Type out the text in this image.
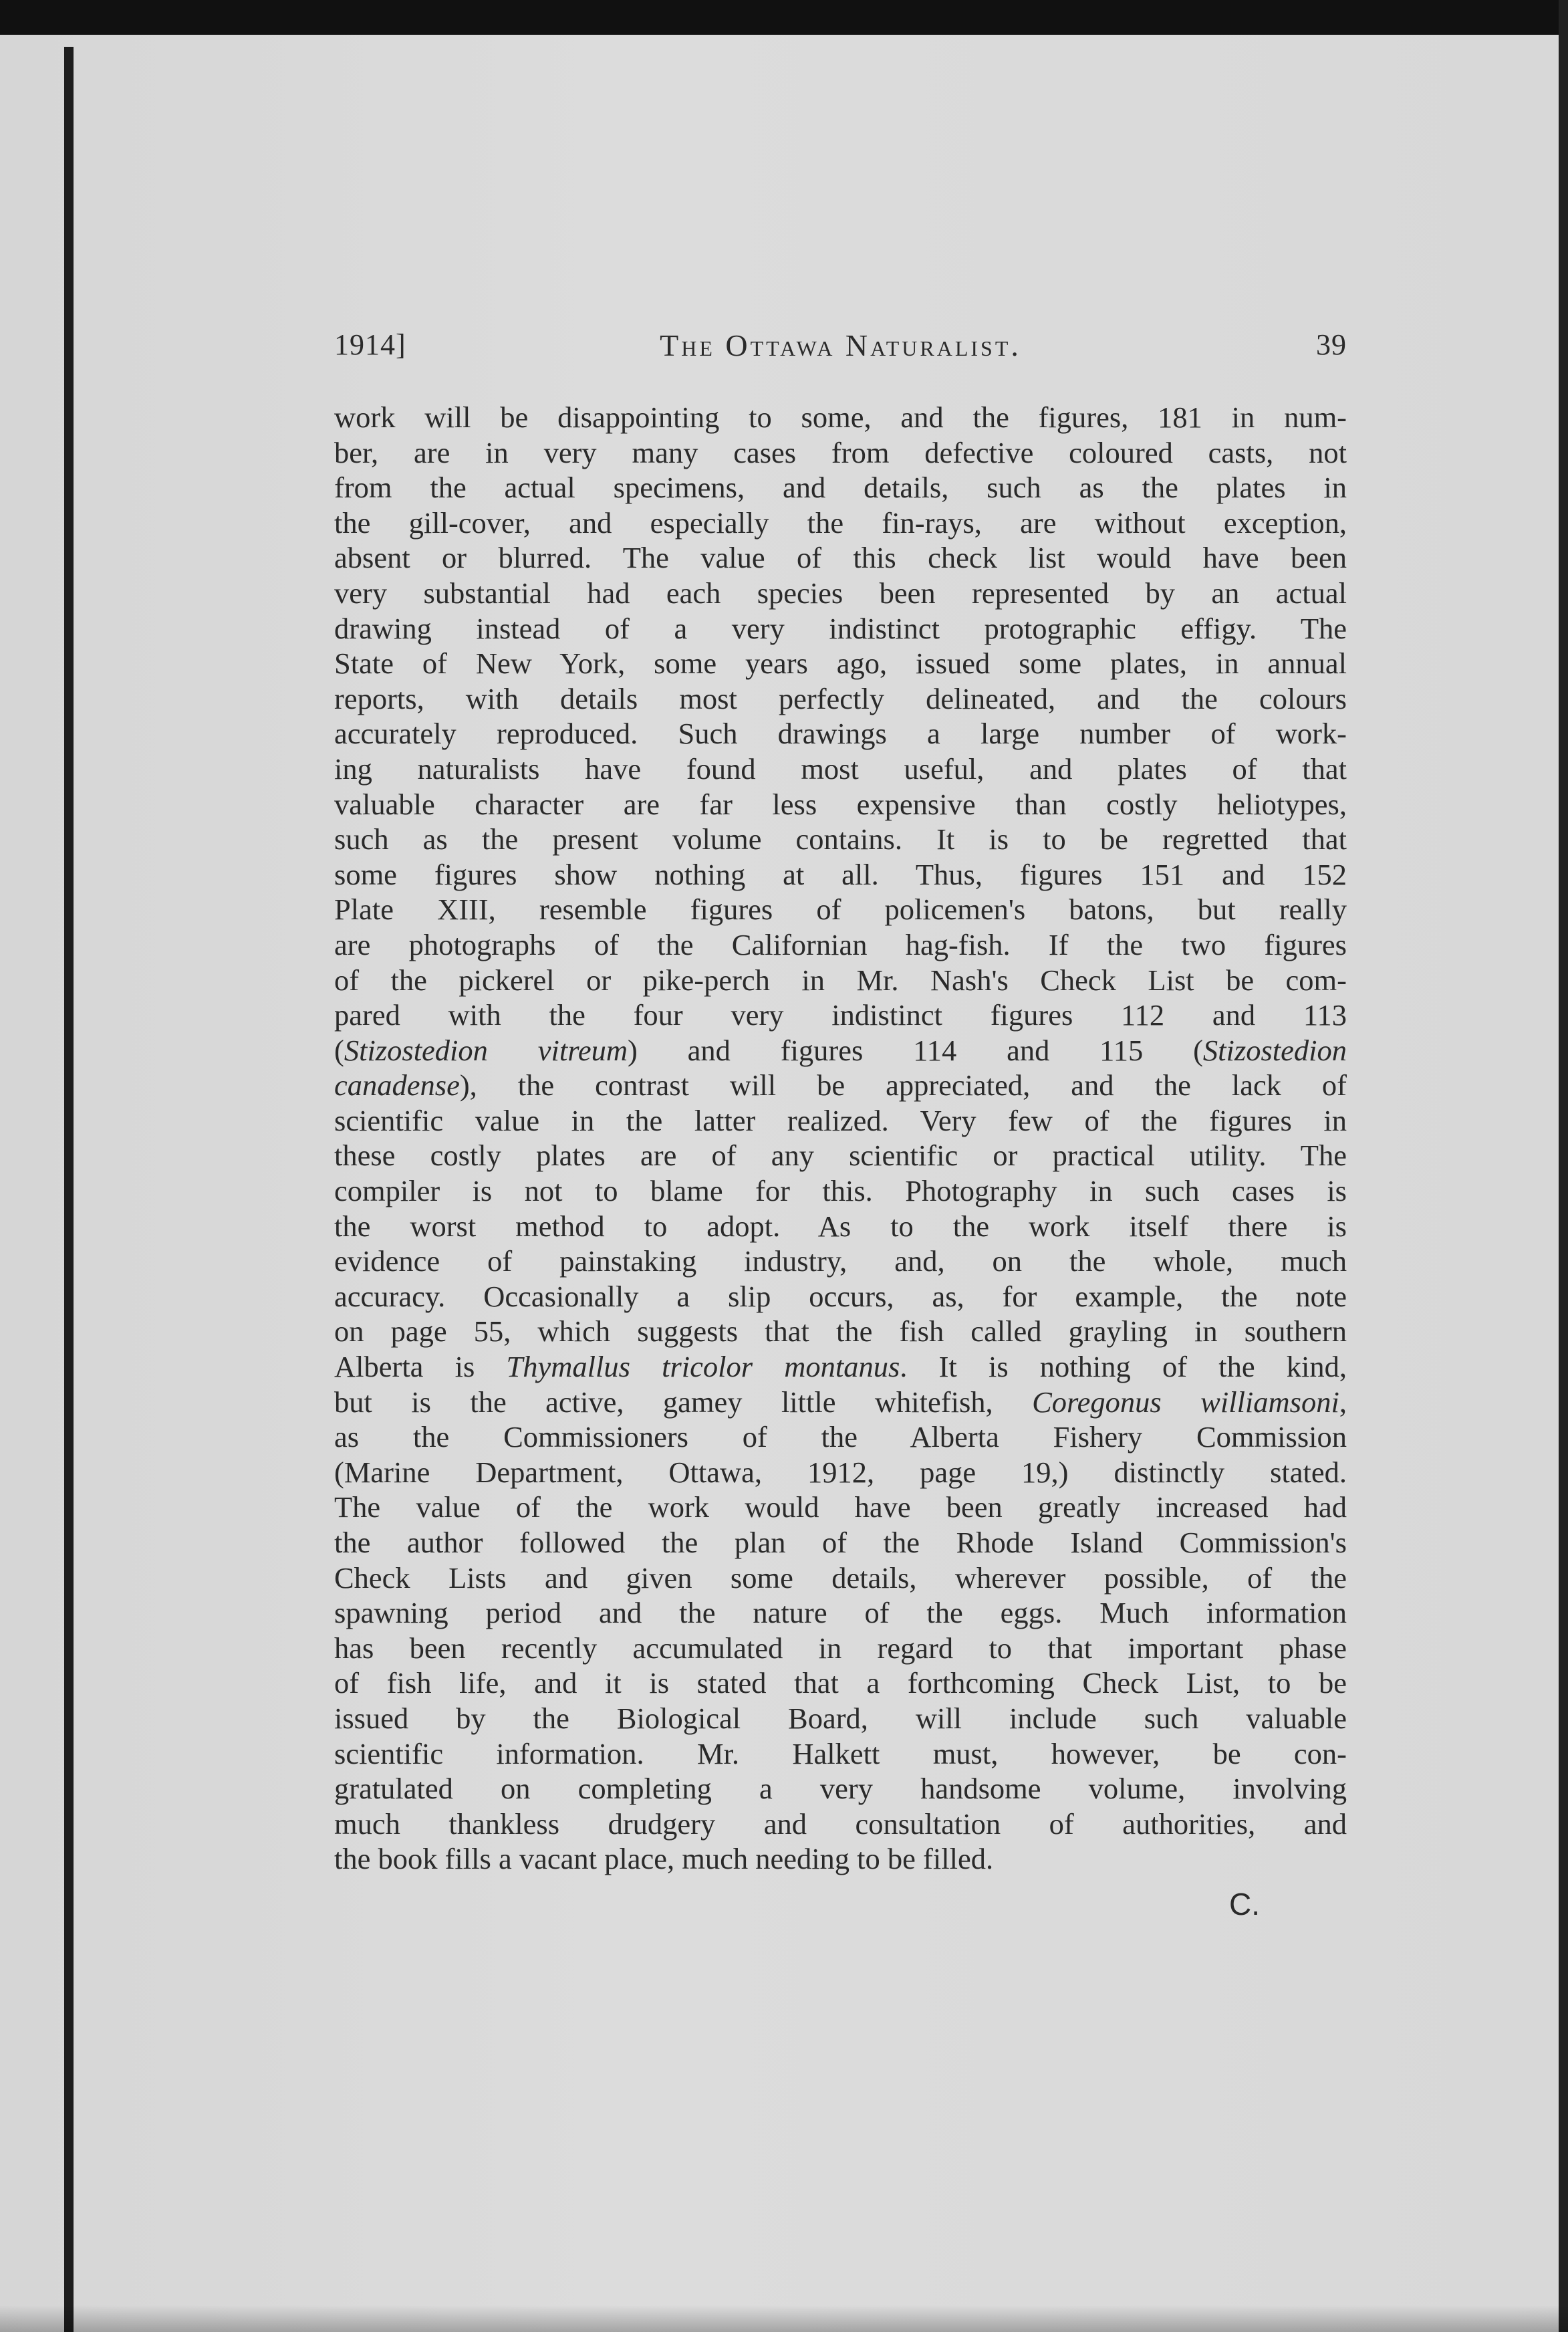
1914]	The Ottawa Naturalist.	39
work will be disappointing to some, and the figures, 181 in num-
ber, are in very many cases from defective coloured casts, not
from the actual specimens, and details, such as the plates in
the gill-cover, and especially the fin-rays, are without exception,
absent or blurred. The value of this check list would have been
very substantial had each species been represented by an actual
drawing instead of a very indistinct protographic effigy. The
State of New York, some years ago, issued some plates, in annual
reports, with details most perfectly delineated, and the colours
accurately reproduced. Such drawings a large number of work-
ing naturalists have found most useful, and plates of that
valuable character are far less expensive than costly heliotypes,
such as the present volume contains. It is to be regretted that
some figures show nothing at all. Thus, figures 151 and 152
Plate XIII, resemble figures of policemen's batons, but really
are photographs of the Californian hag-fish. If the two figures
of the pickerel or pike-perch in Mr. Nash's Check List be com-
pared with the four very indistinct figures 112 and 113
(Stizostedion vitreum) and figures 114 and 115 (Stizostedion
canadense), the contrast will be appreciated, and the lack of
scientific value in the latter realized. Very few of the figures in
these costly plates are of any scientific or practical utility. The
compiler is not to blame for this. Photography in such cases is
the worst method to adopt. As to the work itself there is
evidence of painstaking industry, and, on the whole, much
accuracy. Occasionally a slip occurs, as, for example, the note
on page 55, which suggests that the fish called grayling in southern
Alberta is Thymallus tricolor montanus. It is nothing of the kind,
but is the active, gamey little whitefish, Coregonus williamsoni,
as the Commissioners of the Alberta Fishery Commission
(Marine Department, Ottawa, 1912, page 19,) distinctly stated.
The value of the work would have been greatly increased had
the author followed the plan of the Rhode Island Commission's
Check Lists and given some details, wherever possible, of the
spawning period and the nature of the eggs. Much information
has been recently accumulated in regard to that important phase
of fish life, and it is stated that a forthcoming Check List, to be
issued by the Biological Board, will include such valuable
scientific information. Mr. Halkett must, however, be con-
gratulated on completing a very handsome volume, involving
much thankless drudgery and consultation of authorities, and
the book fills a vacant place, much needing to be filled.
C.
